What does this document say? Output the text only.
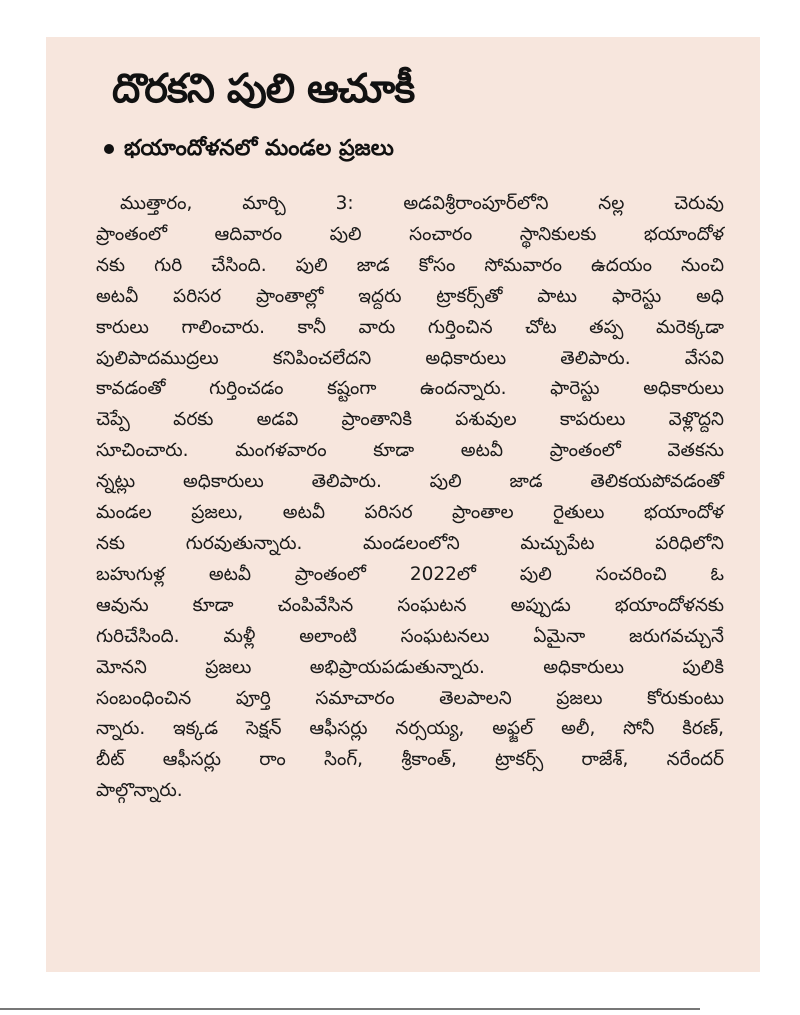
దొరకని పులి ఆచూకీ
భయాందోళనలో మండల ప్రజలు
ముత్తారం, మార్చి 3: అడవిశ్రీరాంపూర్‌లోని నల్ల చెరువు
ప్రాంతంలో ఆదివారం పులి సంచారం స్థానికులకు భయాందోళ
నకు గురి చేసింది. పులి జాడ కోసం సోమవారం ఉదయం నుంచి
అటవీ పరిసర ప్రాంతాల్లో ఇద్దరు ట్రాకర్స్‌తో పాటు ఫారెస్టు అధి
కారులు గాలించారు. కానీ వారు గుర్తించిన చోట తప్ప మరెక్కడా
పులిపాదముద్రలు కనిపించలేదని అధికారులు తెలిపారు. వేసవి
కావడంతో గుర్తించడం కష్టంగా ఉందన్నారు. ఫారెస్టు అధికారులు
చెప్పే వరకు అడవి ప్రాంతానికి పశువుల కాపరులు వెళ్లొద్దని
సూచించారు. మంగళవారం కూడా అటవీ ప్రాంతంలో వెతకను
న్నట్లు అధికారులు తెలిపారు. పులి జాడ తెలికయపోవడంతో
మండల ప్రజలు, అటవీ పరిసర ప్రాంతాల రైతులు భయాందోళ
నకు గురవుతున్నారు. మండలంలోని మచ్చుపేట పరిధిలోని
బహుగుళ్ల అటవీ ప్రాంతంలో 2022లో పులి సంచరించి ఓ
ఆవును కూడా చంపివేసిన సంఘటన అప్పుడు భయాందోళనకు
గురిచేసింది. మళ్లీ అలాంటి సంఘటనలు ఏమైనా జరుగవచ్చునే
మోనని ప్రజలు అభిప్రాయపడుతున్నారు. అధికారులు పులికి
సంబంధించిన పూర్తి సమాచారం తెలపాలని ప్రజలు కోరుకుంటు
న్నారు. ఇక్కడ సెక్షన్ ఆఫీసర్లు నర్సయ్య, అఫ్జల్ అలీ, సోనీ కిరణ్,
బీట్ ఆఫీసర్లు రాం సింగ్, శ్రీకాంత్, ట్రాకర్స్ రాజేశ్, నరేందర్
పాల్గొన్నారు.
